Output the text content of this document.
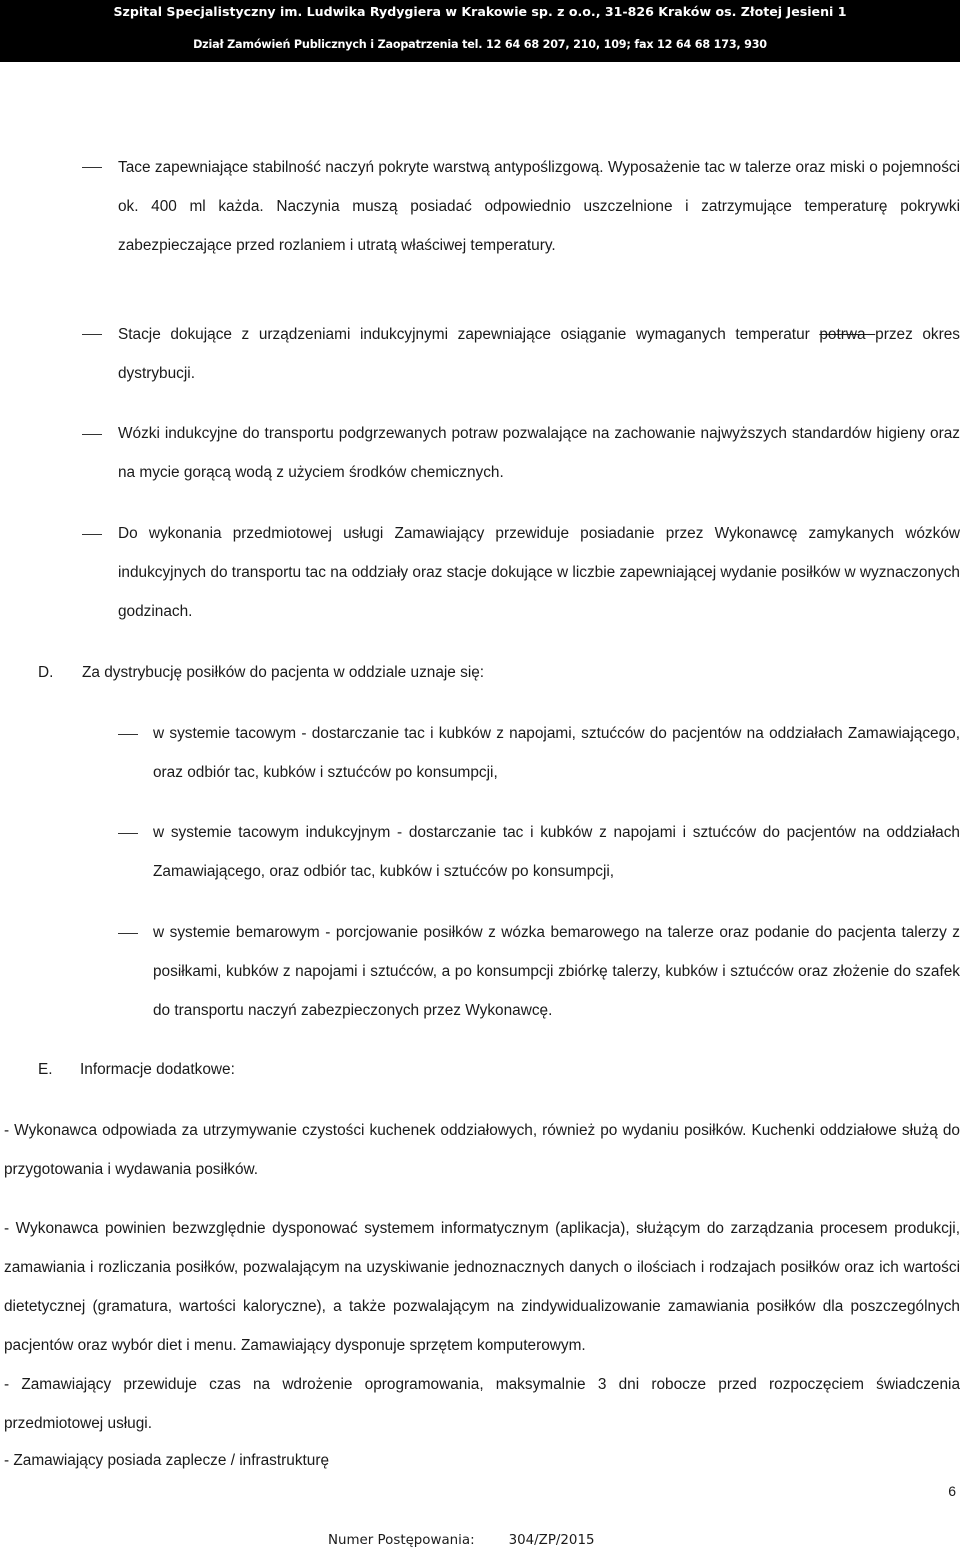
Szpital Specjalistyczny im. Ludwika Rydygiera w Krakowie sp. z o.o., 31-826 Kraków os. Złotej Jesieni 1
Dział Zamówień Publicznych i Zaopatrzenia tel. 12 64 68 207, 210, 109; fax 12 64 68 173, 930
Tace zapewniające stabilność naczyń pokryte warstwą antypoślizgową. Wyposażenie tac w talerze oraz miski o pojemności ok. 400 ml każda. Naczynia muszą posiadać odpowiednio uszczelnione i zatrzymujące temperaturę pokrywki zabezpieczające przed rozlaniem i utratą właściwej temperatury.
Stacje dokujące z urządzeniami indukcyjnymi zapewniające osiąganie wymaganych temperatur potrwa przez okres dystrybucji.
Wózki indukcyjne do transportu podgrzewanych potraw pozwalające na zachowanie najwyższych standardów higieny oraz na mycie gorącą wodą z użyciem środków chemicznych.
Do wykonania przedmiotowej usługi Zamawiający przewiduje posiadanie przez Wykonawcę zamykanych wózków indukcyjnych do transportu tac na oddziały oraz stacje dokujące w liczbie zapewniającej wydanie posiłków w wyznaczonych godzinach.
D. Za dystrybucję posiłków do pacjenta w oddziale uznaje się:
w systemie tacowym - dostarczanie tac i kubków z napojami, sztućców do pacjentów na oddziałach Zamawiającego, oraz odbiór tac, kubków i sztućców po konsumpcji,
w systemie tacowym indukcyjnym - dostarczanie tac i kubków z napojami i sztućców do pacjentów na oddziałach Zamawiającego, oraz odbiór tac, kubków i sztućców po konsumpcji,
w systemie bemarowym - porcjowanie posiłków z wózka bemarowego na talerze oraz podanie do pacjenta talerzy z posiłkami, kubków z napojami i sztućców, a po konsumpcji zbiórkę talerzy, kubków i sztućców oraz złożenie do szafek do transportu naczyń zabezpieczonych przez Wykonawcę.
E. Informacje dodatkowe:
- Wykonawca odpowiada za utrzymywanie czystości kuchenek oddziałowych, również po wydaniu posiłków. Kuchenki oddziałowe służą do przygotowania i wydawania posiłków.
- Wykonawca powinien bezwzględnie dysponować systemem informatycznym (aplikacja), służącym do zarządzania procesem produkcji, zamawiania i rozliczania posiłków, pozwalającym na uzyskiwanie jednoznacznych danych o ilościach i rodzajach posiłków oraz ich wartości dietetycznej (gramatura, wartości kaloryczne), a także pozwalającym na zindywidualizowanie zamawiania posiłków dla poszczególnych pacjentów oraz wybór diet i menu. Zamawiający dysponuje sprzętem komputerowym.
- Zamawiający przewiduje czas na wdrożenie oprogramowania, maksymalnie 3 dni robocze przed rozpoczęciem świadczenia przedmiotowej usługi.
- Zamawiający posiada zaplecze / infrastrukturę
6
Numer Postępowania:	304/ZP/2015
